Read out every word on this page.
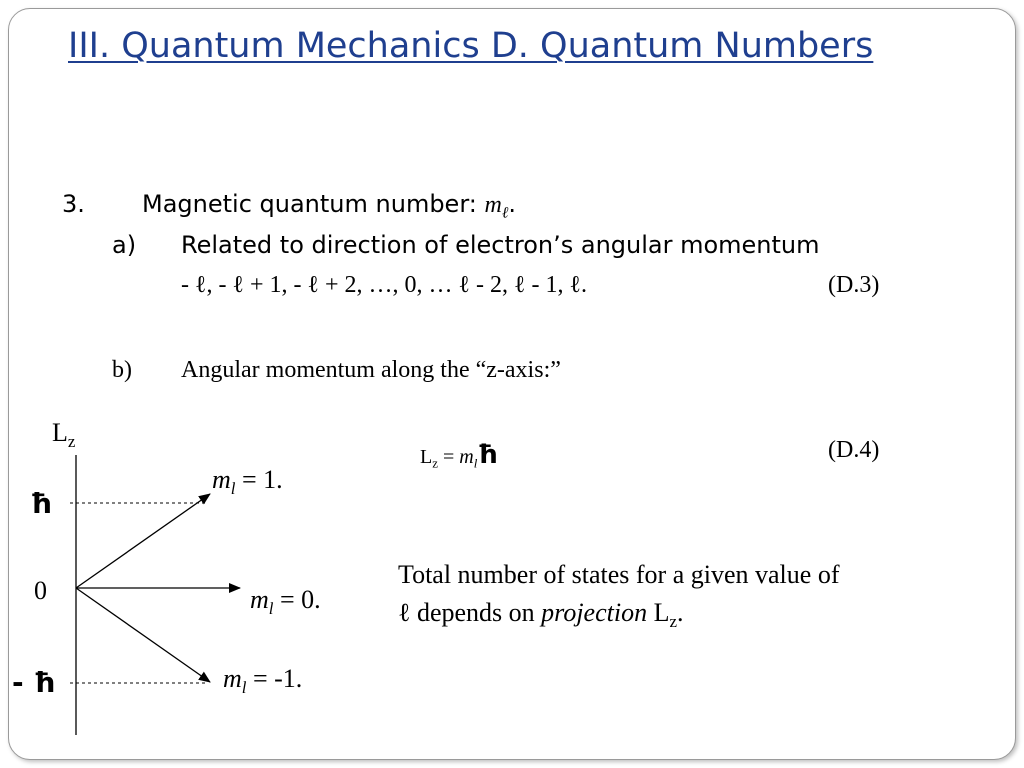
III. Quantum Mechanics D. Quantum Numbers
3. Magnetic quantum number: $m_\ell$.
a) Related to direction of electron’s angular momentum
- ℓ, - ℓ + 1, - ℓ + 2, …, 0, … ℓ - 2, ℓ - 1, ℓ.	(D.3)
b) Angular momentum along the “z-axis:”
$L_z$ = $m_lħ$	(D.4)
$L_z$
ħ
0
- ħ
$m_l = 1$.
$m_l = 0$.
$m_l = -1$.
Total number of states for a given value of
ℓ depends on projection $L_z$.
